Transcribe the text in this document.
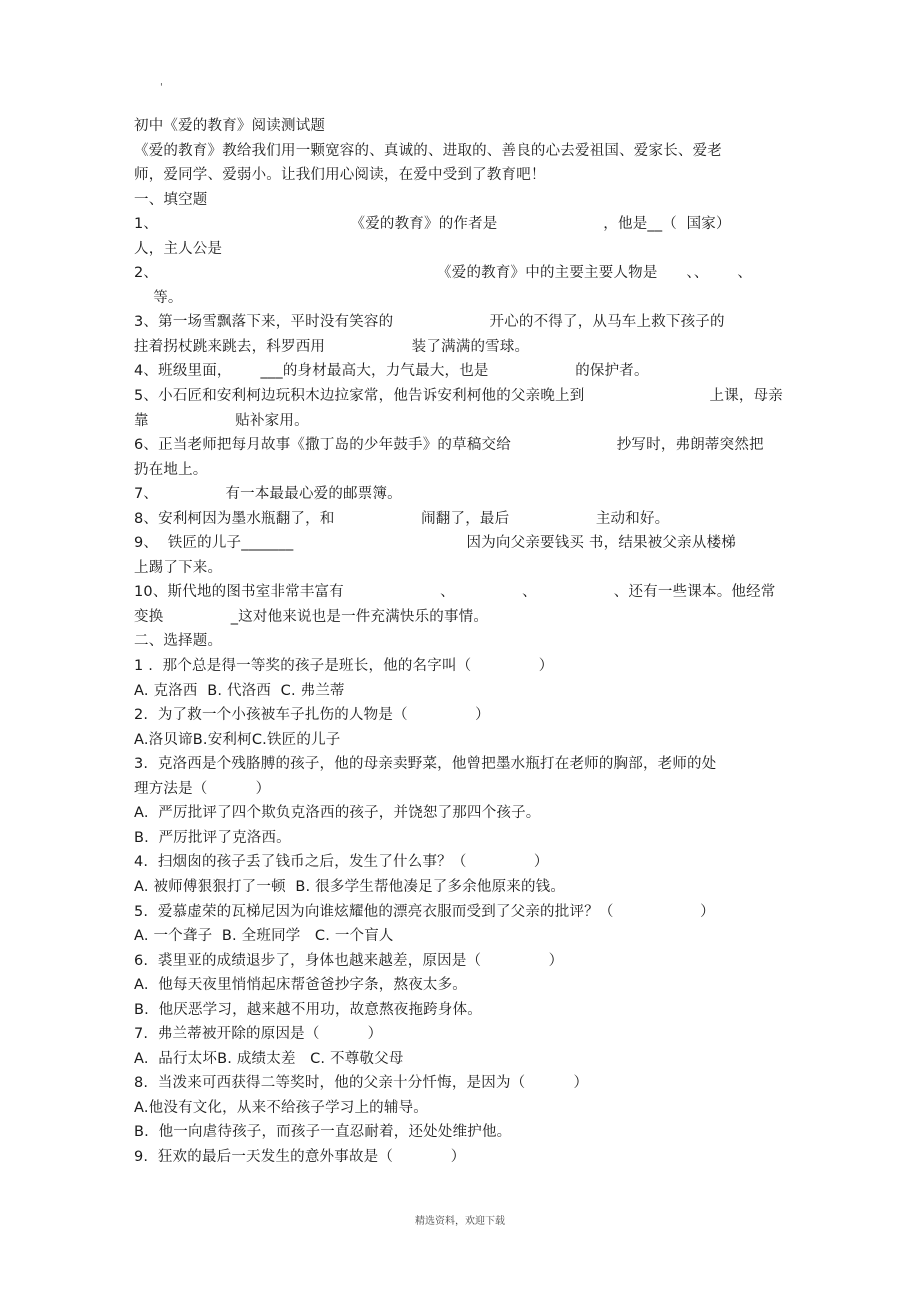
'
初中《爱的教育》阅读测试题
《爱的教育》教给我们用一颗宽容的、真诚的、进取的、善良的心去爱祖国、爱家长、爱老
师，爱同学、爱弱小。让我们用心阅读，在爱中受到了教育吧！
一、填空题
1、                                        《爱的教育》的作者是                      ，他是__（  国家）
人，主人公是
2、                                                          《爱的教育》中的主要主要人物是      、、      、
等。
3、第一场雪飘落下来，平时没有笑容的                    开心的不得了，从马车上救下孩子的
拄着拐杖跳来跳去，科罗西用                  装了满满的雪球。
4、班级里面，      ___的身材最高大，力气最大，也是                  的保护者。
5、小石匠和安利柯边玩积木边拉家常，他告诉安利柯他的父亲晚上到                          上课，母亲
靠                  贴补家用。
6、正当老师把每月故事《撒丁岛的少年鼓手》的草稿交给                      抄写时，弗朗蒂突然把
扔在地上。
7、              有一本最最心爱的邮票簿。
8、安利柯因为墨水瓶翻了，和                  闹翻了，最后                  主动和好。
9、  铁匠的儿子_______                                    因为向父亲要钱买 书，结果被父亲从楼梯
上踢了下来。
10、斯代地的图书室非常丰富有                    、              、                、还有一些课本。他经常
变换              _这对他来说也是一件充满快乐的事情。
二、选择题。
1 .  那个总是得一等奖的孩子是班长，他的名字叫（              ）
A. 克洛西  B. 代洛西  C. 弗兰蒂
2.  为了救一个小孩被车子扎伤的人物是（              ）
A.洛贝谛B.安利柯C.铁匠的儿子
3.  克洛西是个残胳膊的孩子，他的母亲卖野菜，他曾把墨水瓶打在老师的胸部，老师的处
理方法是（          ）
A.  严厉批评了四个欺负克洛西的孩子，并饶恕了那四个孩子。
B.  严厉批评了克洛西。
4.  扫烟囱的孩子丢了钱币之后，发生了什么事？（              ）
A. 被师傅狠狠打了一顿  B. 很多学生帮他凑足了多余他原来的钱。
5.  爱慕虚荣的瓦梯尼因为向谁炫耀他的漂亮衣服而受到了父亲的批评？（                  ）
A. 一个聋子  B. 全班同学   C. 一个盲人
6.  裘里亚的成绩退步了，身体也越来越差，原因是（              ）
A.  他每天夜里悄悄起床帮爸爸抄字条，熬夜太多。
B.  他厌恶学习，越来越不用功，故意熬夜拖跨身体。
7.  弗兰蒂被开除的原因是（          ）
A.  品行太坏B. 成绩太差   C. 不尊敬父母
8.  当泼来可西获得二等奖时，他的父亲十分忏悔，是因为（          ）
A.他没有文化，从来不给孩子学习上的辅导。
B.  他一向虐待孩子，而孩子一直忍耐着，还处处维护他。
9.  狂欢的最后一天发生的意外事故是（            ）
精选资料，欢迎下载
